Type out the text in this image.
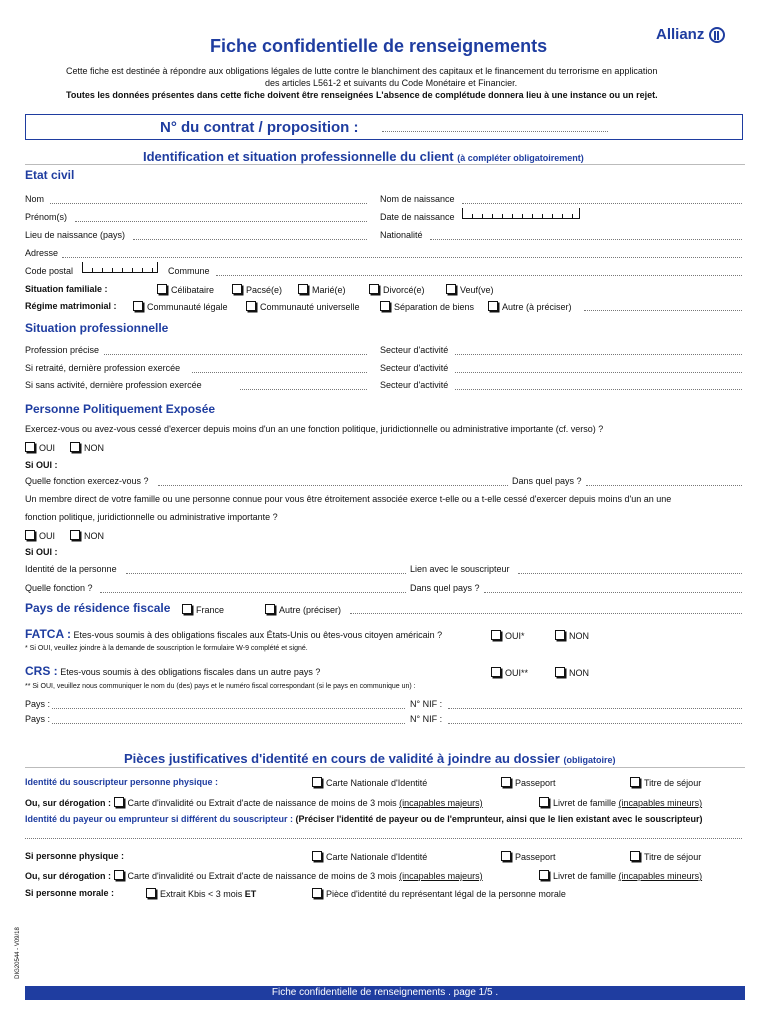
Fiche confidentielle de renseignements
Allianz
Cette fiche est destinée à répondre aux obligations légales de lutte contre le blanchiment des capitaux et le financement du terrorisme en application
des articles L561-2 et suivants du Code Monétaire et Financier.
Toutes les données présentes dans cette fiche doivent être renseignées L'absence de complétude donnera lieu à une instance ou un rejet.
N° du contrat / proposition :
Identification et situation professionnelle du client (à compléter obligatoirement)
Etat civil
Nom	Nom de naissance
Prénom(s)	Date de naissance
Lieu de naissance (pays)	Nationalité
Adresse
Code postal	Commune
Situation familiale :	Célibataire	Pacsé(e)	Marié(e)	Divorcé(e)	Veuf(ve)
Régime matrimonial :	Communauté légale	Communauté universelle	Séparation de biens	Autre (à préciser)
Situation professionnelle
Profession précise	Secteur d'activité
Si retraité, dernière profession exercée	Secteur d'activité
Si sans activité, dernière profession exercée	Secteur d'activité
Personne Politiquement Exposée
Exercez-vous ou avez-vous cessé d'exercer depuis moins d'un an une fonction politique, juridictionnelle ou administrative importante (cf. verso) ?
OUI	NON
Si OUI :
Quelle fonction exercez-vous ?	Dans quel pays ?
Un membre direct de votre famille ou une personne connue pour vous être étroitement associée exerce t-elle ou a t-elle cessé d'exercer depuis moins d'un an une
fonction politique, juridictionnelle ou administrative importante ?
OUI	NON
Si OUI :
Identité de la personne	Lien avec le souscripteur
Quelle fonction ?	Dans quel pays ?
Pays de résidence fiscale	France	Autre (préciser)
FATCA : Etes-vous soumis à des obligations fiscales aux États-Unis ou êtes-vous citoyen américain ?	OUI*	NON
* Si OUI, veuillez joindre à la demande de souscription le formulaire W-9 complété et signé.
CRS : Etes-vous soumis à des obligations fiscales dans un autre pays ?	OUI**	NON
** Si OUI, veuillez nous communiquer le nom du (des) pays et le numéro fiscal correspondant (si le pays en communique un) :
Pays :	N° NIF :
Pays :	N° NIF :
Pièces justificatives d'identité en cours de validité à joindre au dossier (obligatoire)
Identité du souscripteur personne physique :	Carte Nationale d'Identité	Passeport	Titre de séjour
Ou, sur dérogation : Carte d'invalidité ou Extrait d'acte de naissance de moins de 3 mois (incapables majeurs)	Livret de famille (incapables mineurs)
Identité du payeur ou emprunteur si différent du souscripteur : (Préciser l'identité de payeur ou de l'emprunteur, ainsi que le lien existant avec le souscripteur)
Si personne physique :	Carte Nationale d'Identité	Passeport	Titre de séjour
Ou, sur dérogation : Carte d'invalidité ou Extrait d'acte de naissance de moins de 3 mois (incapables majeurs)	Livret de famille (incapables mineurs)
Si personne morale :	Extrait Kbis < 3 mois ET	Pièce d'identité du représentant légal de la personne morale
DIG20544 - V09/18
Fiche confidentielle de renseignements . page 1/5 .
